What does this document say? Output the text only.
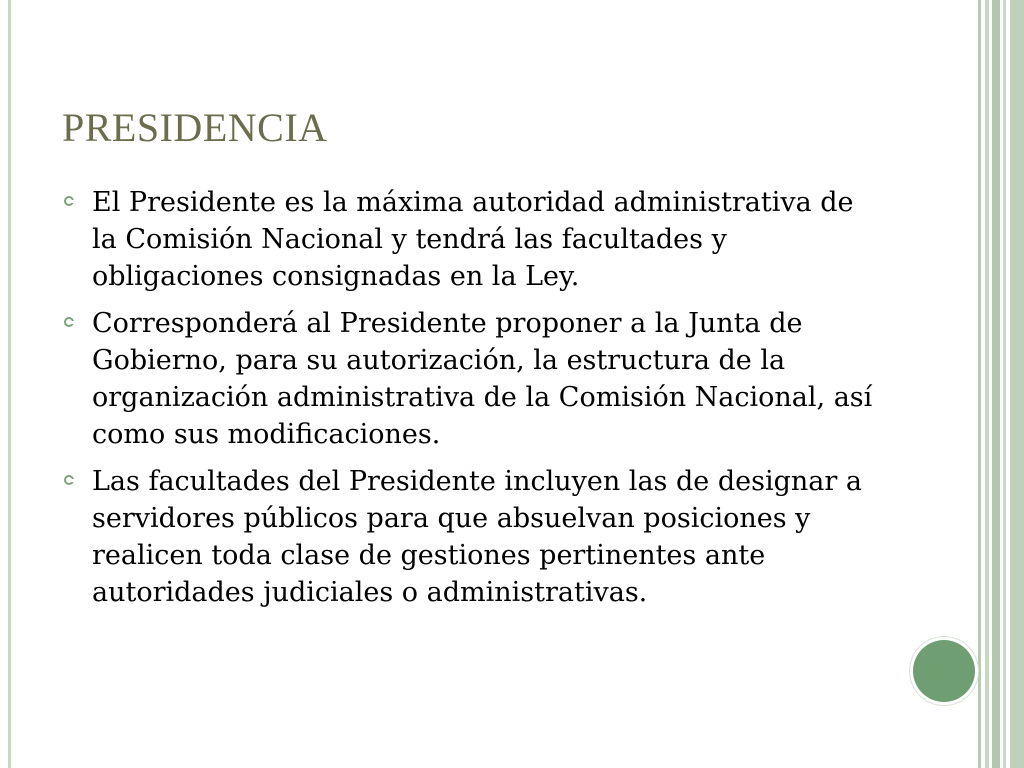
PRESIDENCIA
El Presidente es la máxima autoridad administrativa de la Comisión Nacional y tendrá las facultades y obligaciones consignadas en la Ley.
Corresponderá al Presidente proponer a la Junta de Gobierno, para su autorización, la estructura de la organización administrativa de la Comisión Nacional, así como sus modificaciones.
Las facultades del Presidente incluyen las de designar a servidores públicos para que absuelvan posiciones y realicen toda clase de gestiones pertinentes ante autoridades judiciales o administrativas.
